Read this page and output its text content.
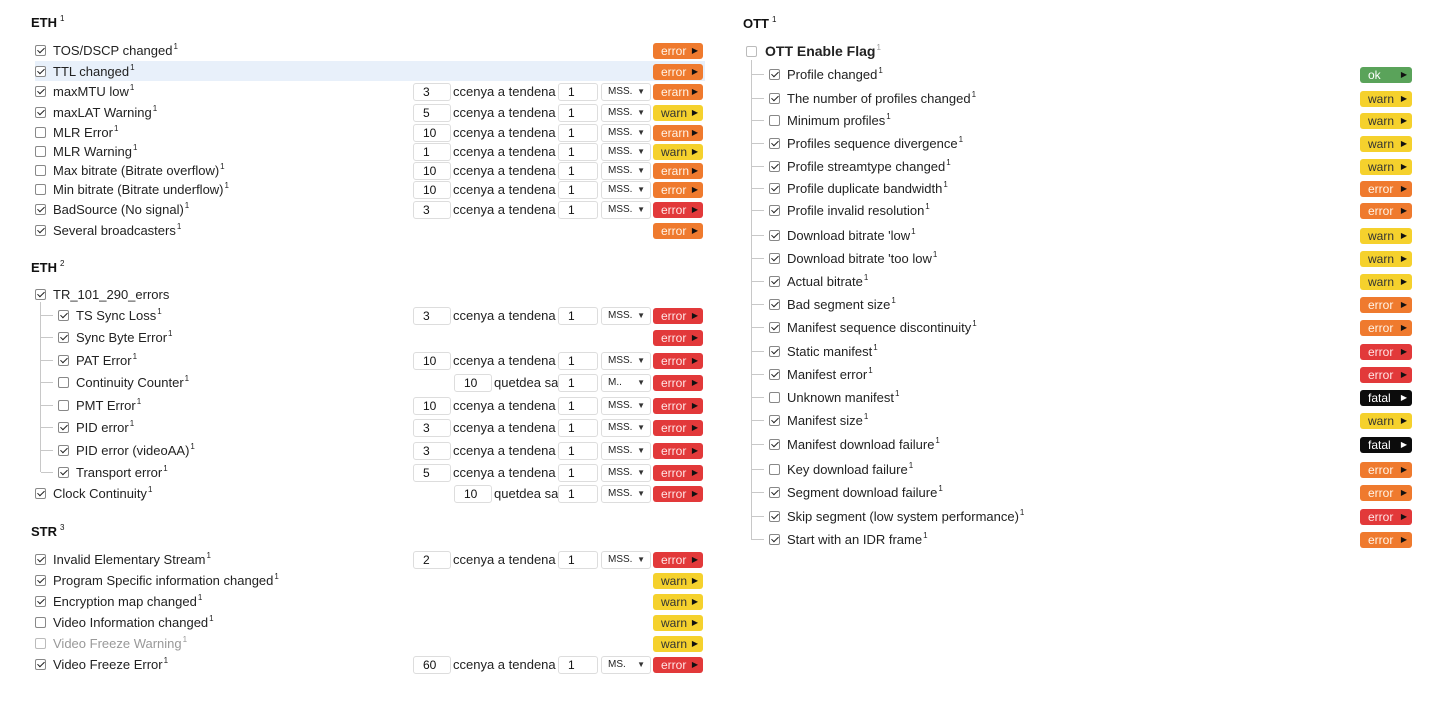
ETH $^1$
TOS/DSCP changed$^1$	error ▶
TTL changed$^1$	error ▶
maxMTU low$^1$	3	ccenya a tendena	1	MSS. ▼	erarn ▶
maxLAT Warning$^1$	5	ccenya a tendena	1	MSS. ▼	warn ▶
MLR Error$^1$	10	ccenya a tendena	1	MSS. ▼	erarn ▶
MLR Warning$^1$	1	ccenya a tendena	1	MSS. ▼	warn ▶
Max bitrate (Bitrate overflow)$^1$	10	ccenya a tendena	1	MSS. ▼	erarn ▶
Min bitrate (Bitrate underflow)$^1$	10	ccenya a tendena	1	MSS. ▼	error ▶
BadSource (No signal)$^1$	3	ccenya a tendena	1	MSS. ▼	error ▶
Several broadcasters$^1$	error ▶
ETH $^2$
TR_101_290_errors
TS Sync Loss$^1$	3	ccenya a tendena	1	MSS. ▼	error ▶
Sync Byte Error$^1$	error ▶
PAT Error$^1$	10	ccenya a tendena	1	MSS. ▼	error ▶
Continuity Counter$^1$	10	quetdea sa 1	M.. ▼	error ▶
PMT Error$^1$	10	ccenya a tendena	1	MSS. ▼	error ▶
PID error$^1$	3	ccenya a tendena	1	MSS. ▼	error ▶
PID error (videoAA)$^1$	3	ccenya a tendena	1	MSS. ▼	error ▶
Transport error$^1$	5	ccenya a tendena	1	MSS. ▼	error ▶
Clock Continuity$^1$	10	quetdea sa 1	MSS. ▼	error ▶
STR $^3$
Invalid Elementary Stream$^1$	2	ccenya a tendena	1	MSS. ▼	error ▶
Program Specific information changed$^1$	warn ▶
Encryption map changed$^1$	warn ▶
Video Information changed$^1$	warn ▶
Video Freeze Warning$^1$	warn ▶
Video Freeze Error$^1$	60	ccenya a tendena	1	MS. ▼	error ▶
OTT $^1$
OTT Enable Flag$^1$
Profile changed$^1$	ok	▶
The number of profiles changed$^1$	warn ▶
Minimum profiles$^1$	warn ▶
Profiles sequence divergence$^1$	warn ▶
Profile streamtype changed$^1$	warn ▶
Profile duplicate bandwidth$^1$	error ▶
Profile invalid resolution$^1$	error ▶
Download bitrate 'low$^1$	warn ▶
Download bitrate 'too low$^1$	warn ▶
Actual bitrate$^1$	warn ▶
Bad segment size$^1$	error ▶
Manifest sequence discontinuity$^1$	error ▶
Static manifest$^1$	error ▶
Manifest error$^1$	error ▶
Unknown manifest$^1$	fatal ▶
Manifest size$^1$	warn ▶
Manifest download failure$^1$	fatal ▶
Key download failure$^1$	error ▶
Segment download failure$^1$	error ▶
Skip segment (low system performance)$^1$	error ▶
Start with an IDR frame$^1$	error ▶
